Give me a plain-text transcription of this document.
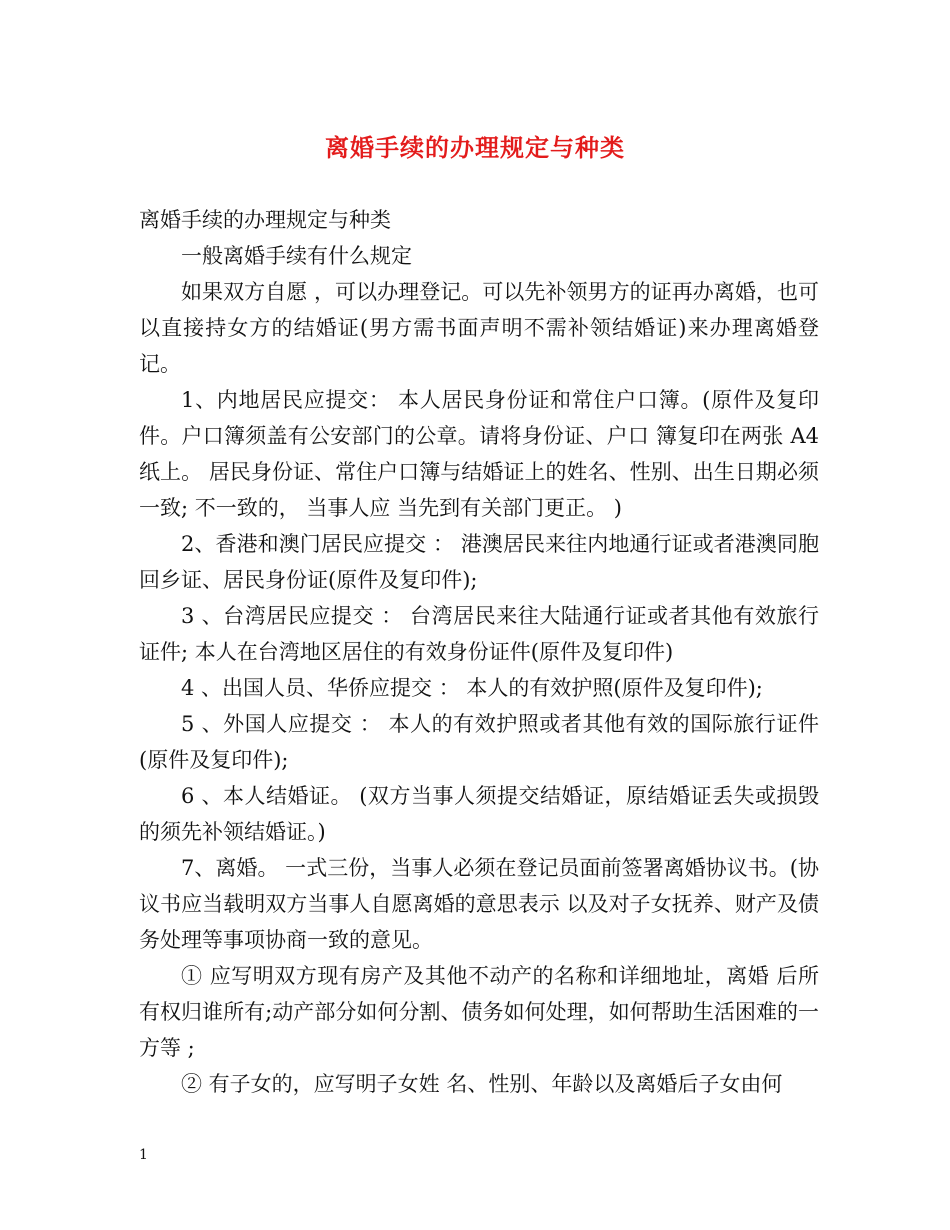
离婚手续的办理规定与种类

离婚手续的办理规定与种类

一般离婚手续有什么规定

如果双方自愿 ，可以办理登记。可以先补领男方的证再办离婚，也可以直接持女方的结婚证(男方需书面声明不需补领结婚证)来办理离婚登记。

1、内地居民应提交： 本人居民身份证和常住户口簿。(原件及复印件。户口簿须盖有公安部门的公章。请将身份证、户口 簿复印在两张 A4 纸上。 居民身份证、常住户口簿与结婚证上的姓名、性别、出生日期必须一致; 不一致的， 当事人应 当先到有关部门更正。 )

2、香港和澳门居民应提交 ： 港澳居民来往内地通行证或者港澳同胞回乡证、居民身份证(原件及复印件);

3 、台湾居民应提交 ： 台湾居民来往大陆通行证或者其他有效旅行证件; 本人在台湾地区居住的有效身份证件(原件及复印件)

4 、出国人员、华侨应提交 ： 本人的有效护照(原件及复印件);

5 、外国人应提交 ： 本人的有效护照或者其他有效的国际旅行证件(原件及复印件);

6 、本人结婚证。 (双方当事人须提交结婚证，原结婚证丢失或损毁的须先补领结婚证。)

7、离婚。 一式三份，当事人必须在登记员面前签署离婚协议书。(协议书应当载明双方当事人自愿离婚的意思表示 以及对子女抚养、财产及债务处理等事项协商一致的意见。

① 应写明双方现有房产及其他不动产的名称和详细地址，离婚 后所有权归谁所有;动产部分如何分割、债务如何处理，如何帮助生活困难的一方等 ;

② 有子女的，应写明子女姓 名、性别、年龄以及离婚后子女由何

1
